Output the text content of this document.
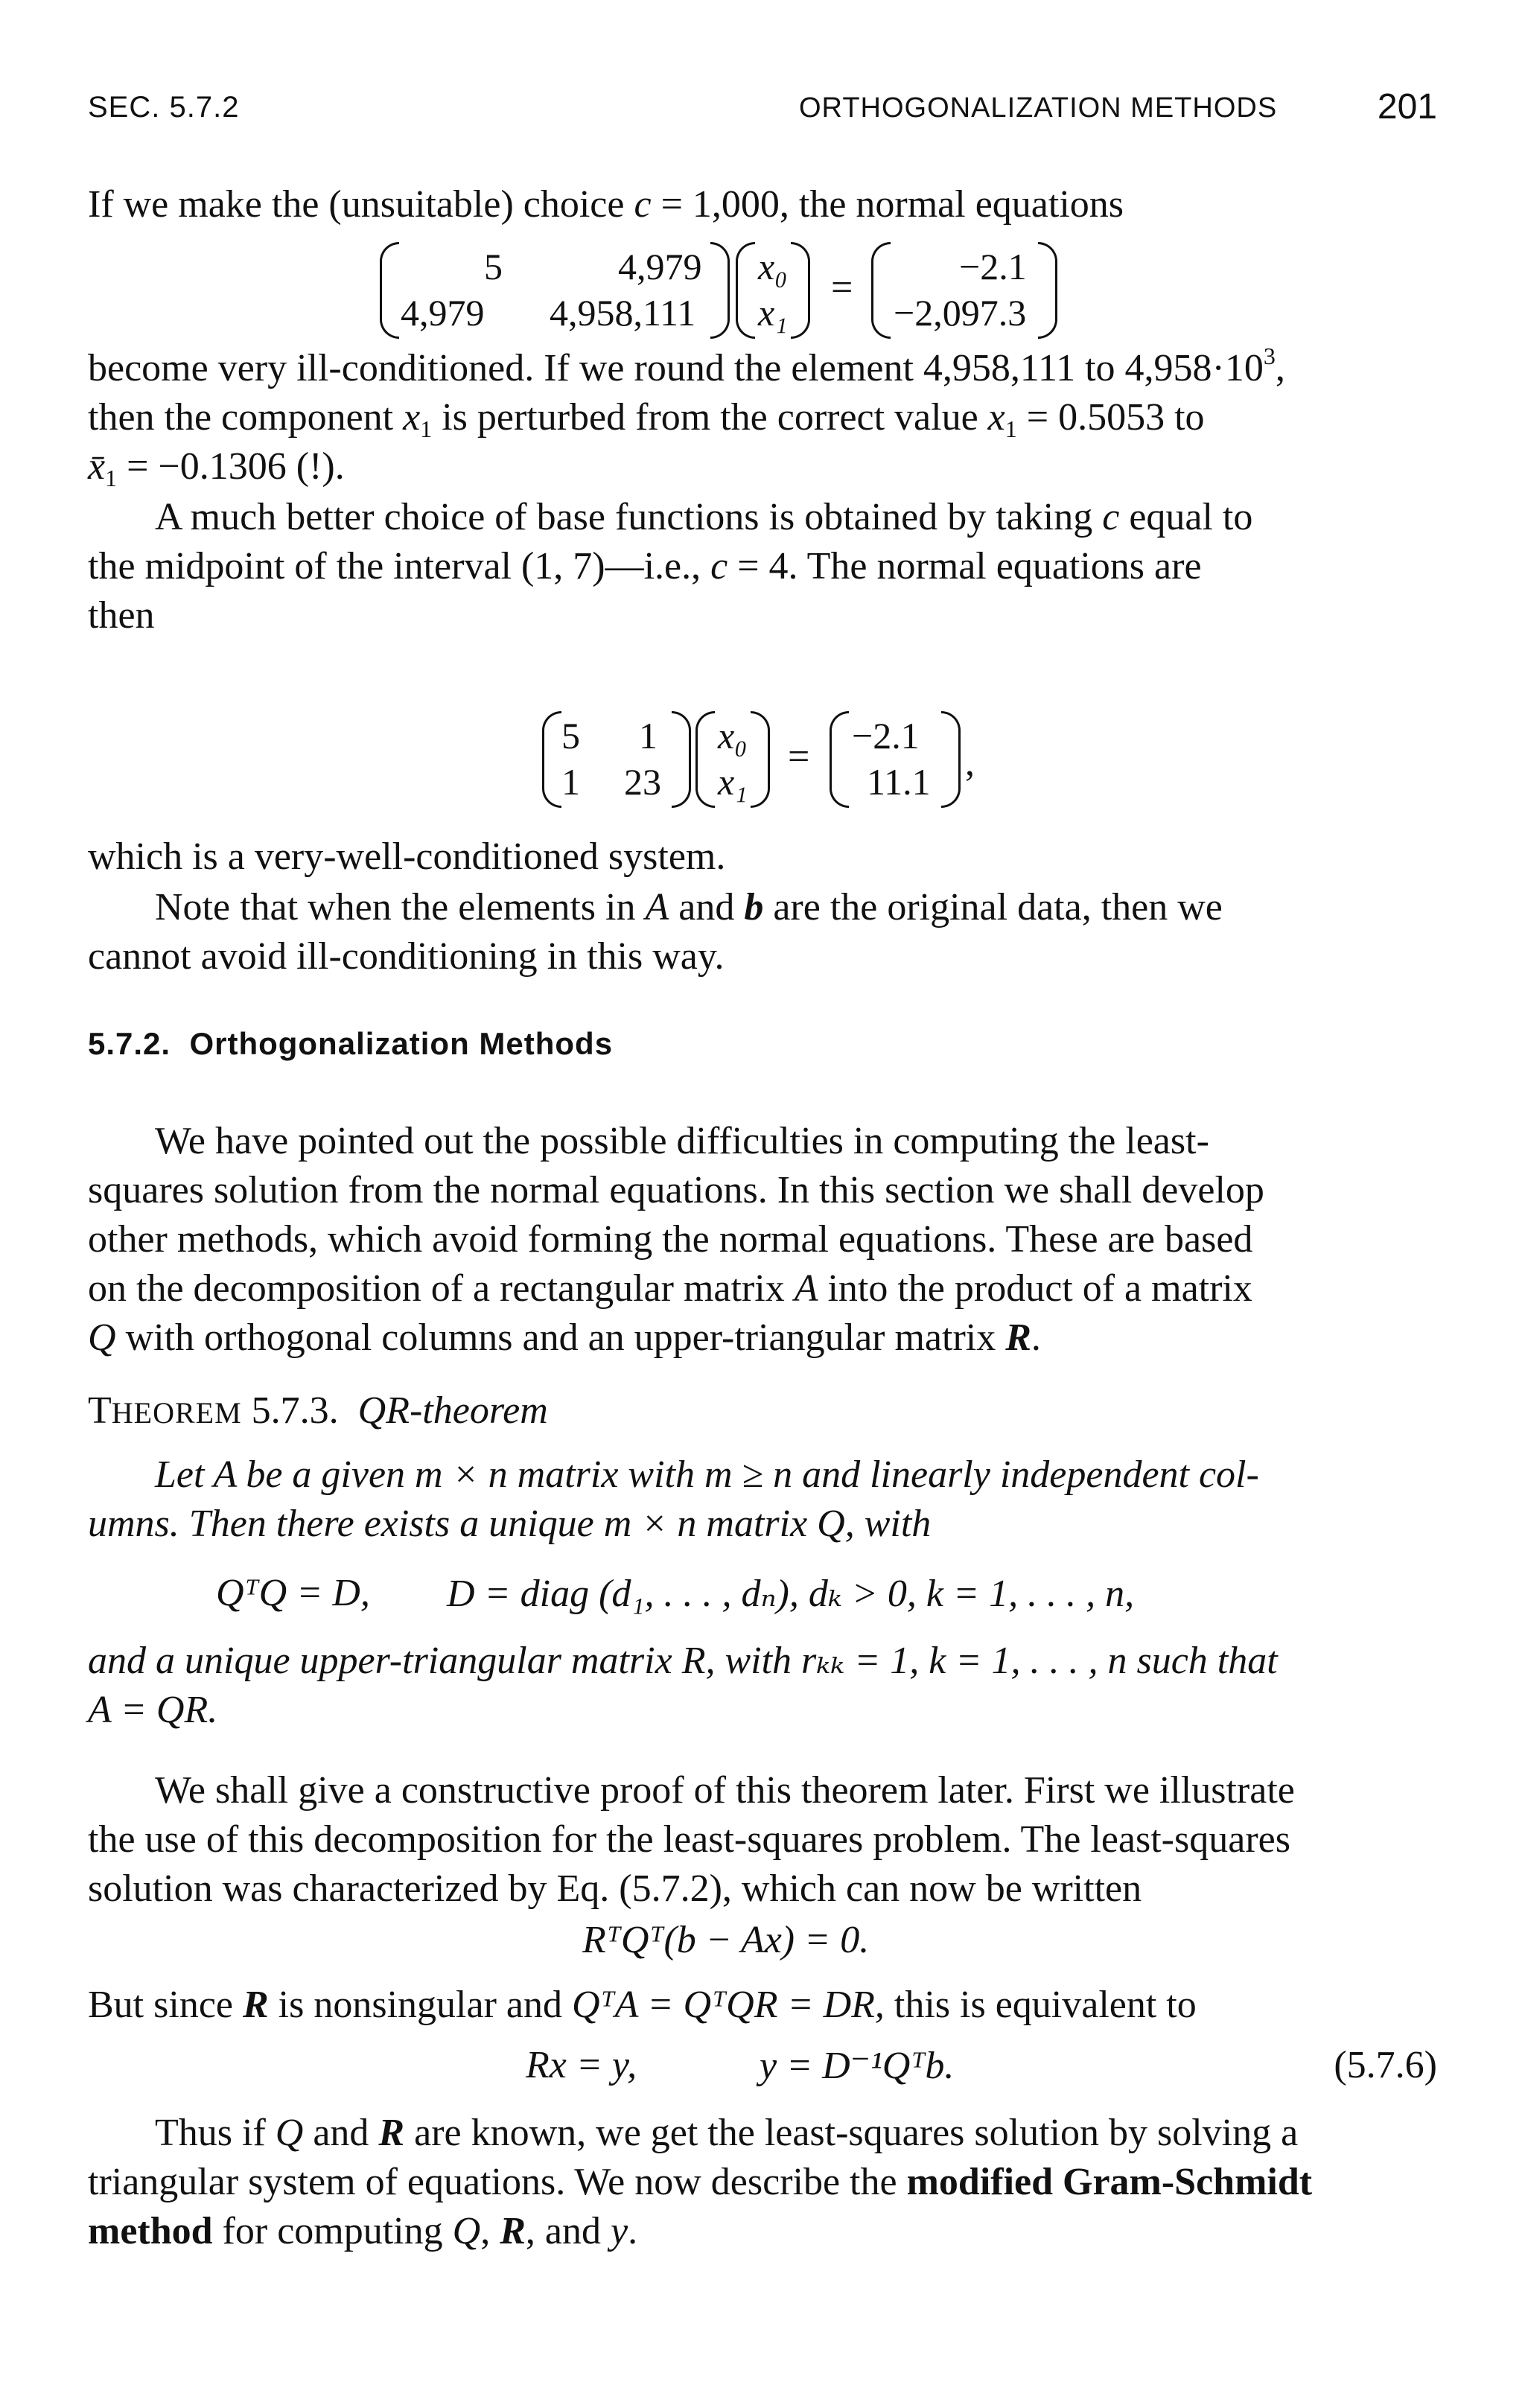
SEC. 5.7.2	ORTHOGONALIZATION METHODS	201

If we make the (unsuitable) choice c = 1,000, the normal equations

5	4,979
4,979 4,958,111
x₀
x₁
=	−2.1
−2,097.3

become very ill-conditioned. If we round the element 4,958,111 to $4,958\cdot 10^3$,
then the component $x_1$ is perturbed from the correct value $x_1 = 0.5053$ to
$x̄_1 = -0.1306$ (!).

A much better choice of base functions is obtained by taking c equal to
the midpoint of the interval (1, 7)—i.e., c = 4. The normal equations are
then

5 1
1 23
x₀
x₁
= −2.1
11.1 ,

which is a very-well-conditioned system.

Note that when the elements in A and b are the original data, then we
cannot avoid ill-conditioning in this way.

5.7.2. Orthogonalization Methods

We have pointed out the possible difficulties in computing the least-
squares solution from the normal equations. In this section we shall develop
other methods, which avoid forming the normal equations. These are based
on the decomposition of a rectangular matrix A into the product of a matrix
Q with orthogonal columns and an upper-triangular matrix R.

THEOREM 5.7.3. QR-theorem

Let A be a given m × n matrix with m ≥ n and linearly independent col-
umns. Then there exists a unique m × n matrix Q, with

QᵀQ = D, D = diag (d₁, . . . , dₙ), dₖ > 0, k = 1, . . . , n,

and a unique upper-triangular matrix R, with rₖₖ = 1, k = 1, . . . , n such that
A = QR.

We shall give a constructive proof of this theorem later. First we illustrate
the use of this decomposition for the least-squares problem. The least-squares
solution was characterized by Eq. (5.7.2), which can now be written

RᵀQᵀ(b − Ax) = 0.

But since R is nonsingular and QᵀA = QᵀQR = DR, this is equivalent to

Rx = y,	y = D⁻¹Qᵀb.	(5.7.6)

Thus if Q and R are known, we get the least-squares solution by solving a
triangular system of equations. We now describe the modified Gram-Schmidt
method for computing Q, R, and y.
